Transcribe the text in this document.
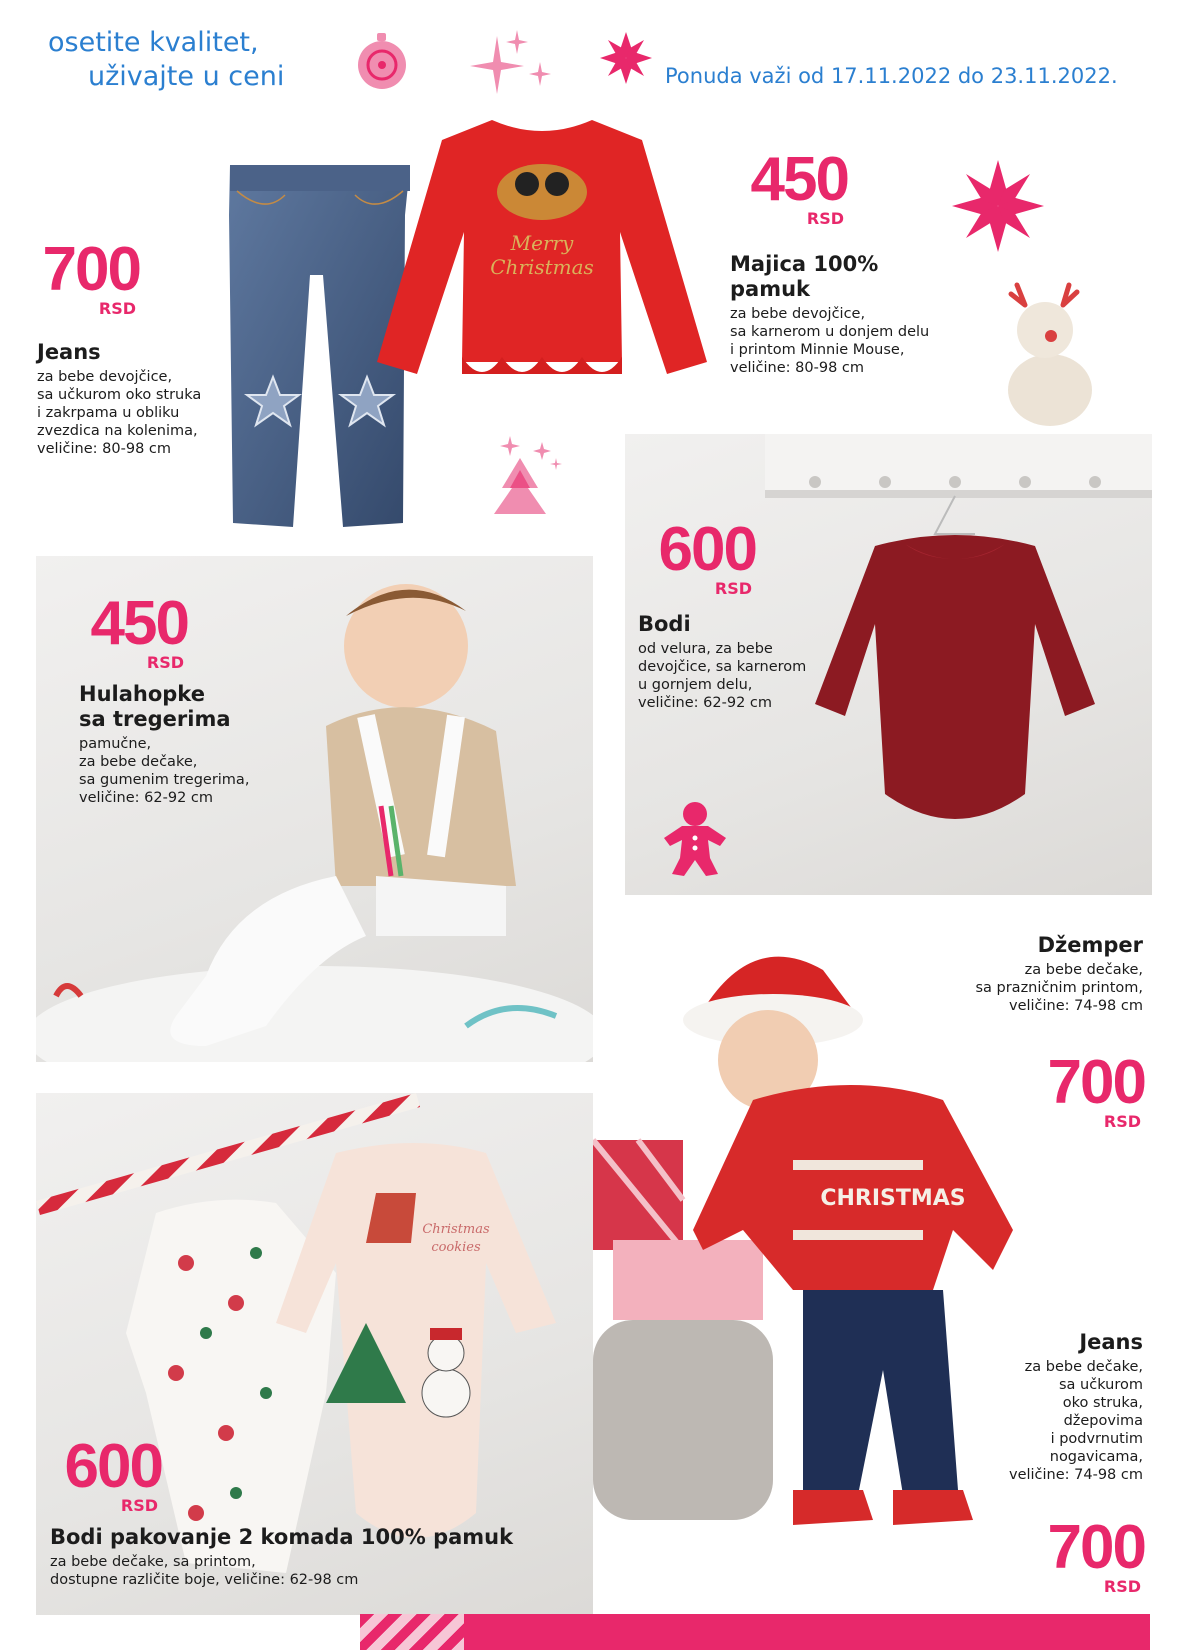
osetite kvalitet,
uživajte u ceni	Ponuda važi od 17.11.2022 do 23.11.2022.
700
RSD
Jeans
za bebe devojčice,
sa učkurom oko struka
i zakrpama u obliku
zvezdica na kolenima,
veličine: 80-98 cm
Merry
Christmas
450
RSD
Majica 100%
pamuk
za bebe devojčice,
sa karnerom u donjem delu
i printom Minnie Mouse,
veličine: 80-98 cm
450
RSD
Hulahopke
sa tregerima
pamučne,
za bebe dečake,
sa gumenim tregerima,
veličine: 62-92 cm
600
RSD
Bodi
od velura, za bebe
devojčice, sa karnerom
u gornjem delu,
veličine: 62-92 cm
CHRISTMAS
Džemper
za bebe dečake,
sa prazničnim printom,
veličine: 74-98 cm
700
RSD
Christmas
cookies
600
RSD
Bodi pakovanje 2 komada 100% pamuk
za bebe dečake, sa printom,
dostupne različite boje, veličine: 62-98 cm
Jeans
za bebe dečake,
sa učkurom
oko struka,
džepovima
i podvrnutim
nogavicama,
veličine: 74-98 cm
700
RSD
